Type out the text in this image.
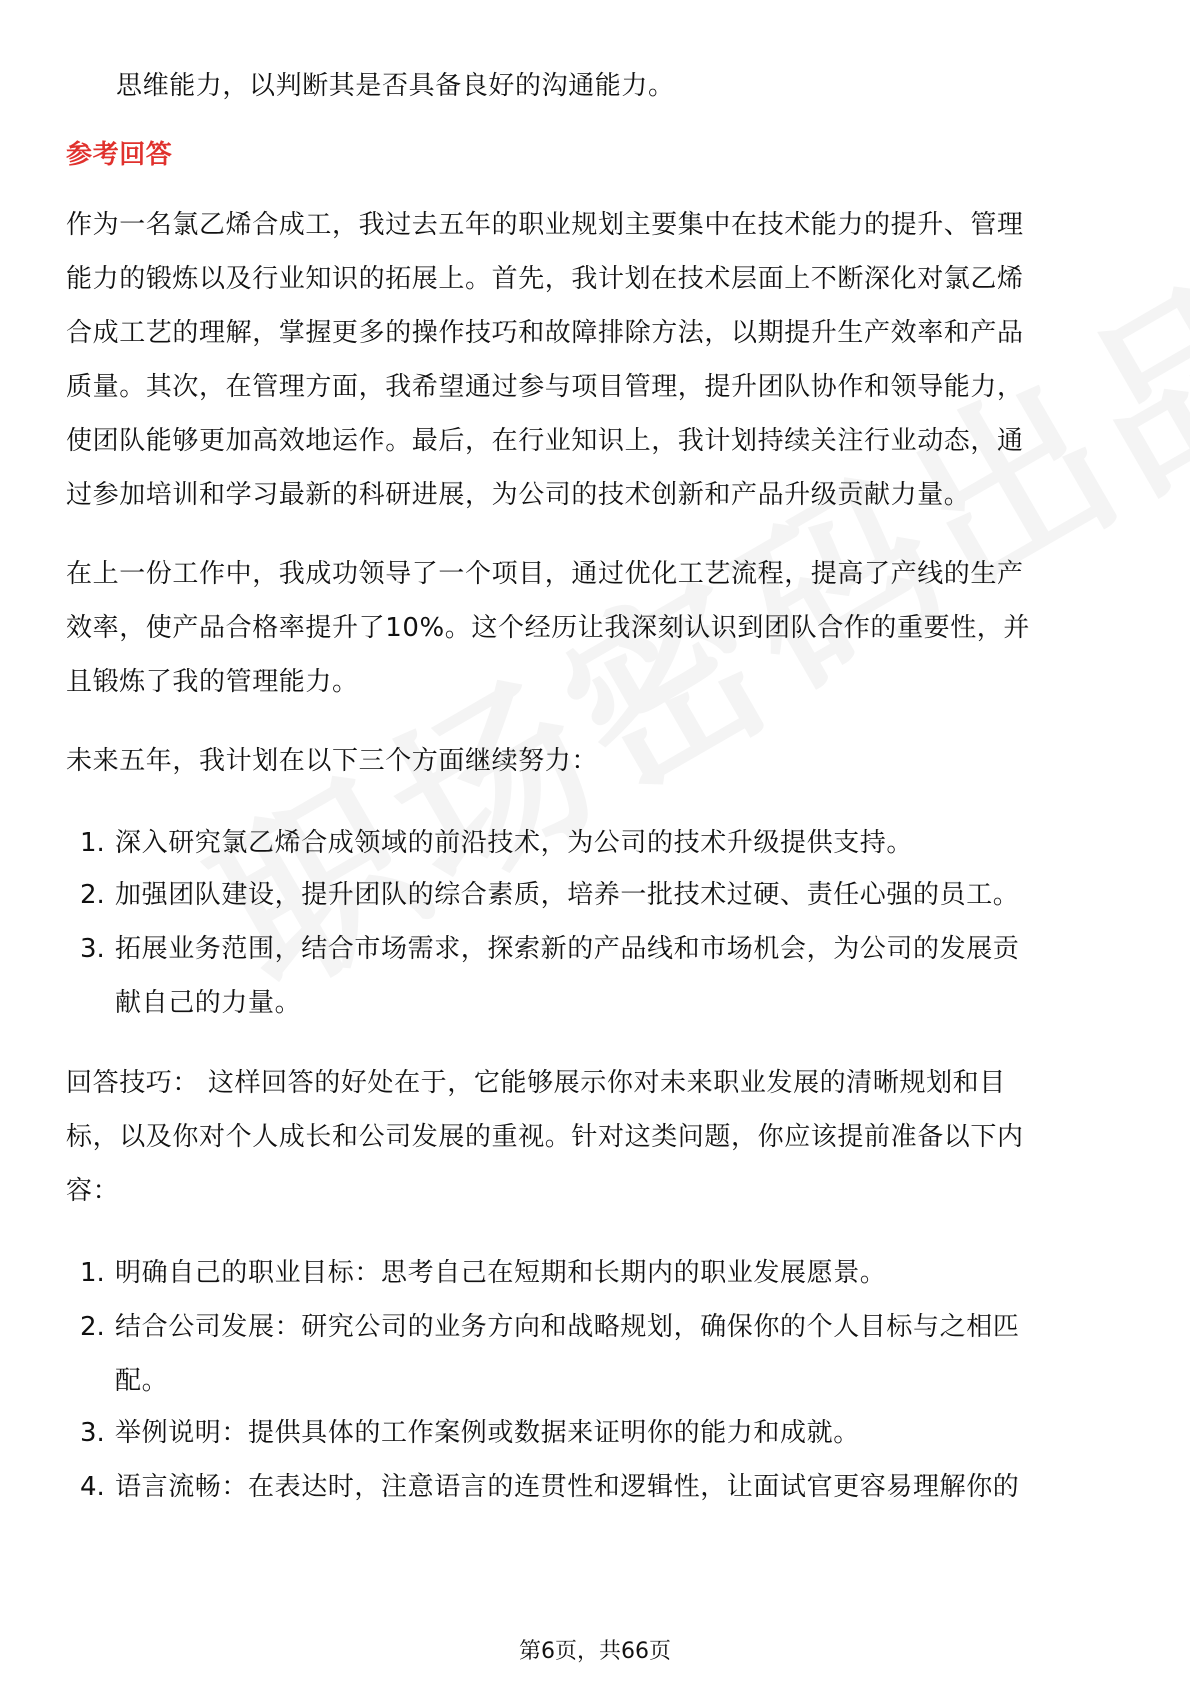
思维能力，以判断其是否具备良好的沟通能力。
参考回答
作为一名氯乙烯合成工，我过去五年的职业规划主要集中在技术能力的提升、管理
能力的锻炼以及行业知识的拓展上。首先，我计划在技术层面上不断深化对氯乙烯
合成工艺的理解，掌握更多的操作技巧和故障排除方法，以期提升生产效率和产品
质量。其次，在管理方面，我希望通过参与项目管理，提升团队协作和领导能力，
使团队能够更加高效地运作。最后，在行业知识上，我计划持续关注行业动态，通
过参加培训和学习最新的科研进展，为公司的技术创新和产品升级贡献力量。
在上一份工作中，我成功领导了一个项目，通过优化工艺流程，提高了产线的生产
效率，使产品合格率提升了10%。这个经历让我深刻认识到团队合作的重要性，并
且锻炼了我的管理能力。
未来五年，我计划在以下三个方面继续努力：
1. 深入研究氯乙烯合成领域的前沿技术，为公司的技术升级提供支持。
2. 加强团队建设，提升团队的综合素质，培养一批技术过硬、责任心强的员工。
3. 拓展业务范围，结合市场需求，探索新的产品线和市场机会，为公司的发展贡
献自己的力量。
回答技巧： 这样回答的好处在于，它能够展示你对未来职业发展的清晰规划和目
标，以及你对个人成长和公司发展的重视。针对这类问题，你应该提前准备以下内
容：
1. 明确自己的职业目标：思考自己在短期和长期内的职业发展愿景。
2. 结合公司发展：研究公司的业务方向和战略规划，确保你的个人目标与之相匹
配。
3. 举例说明：提供具体的工作案例或数据来证明你的能力和成就。
4. 语言流畅：在表达时，注意语言的连贯性和逻辑性，让面试官更容易理解你的
第6页，共66页
